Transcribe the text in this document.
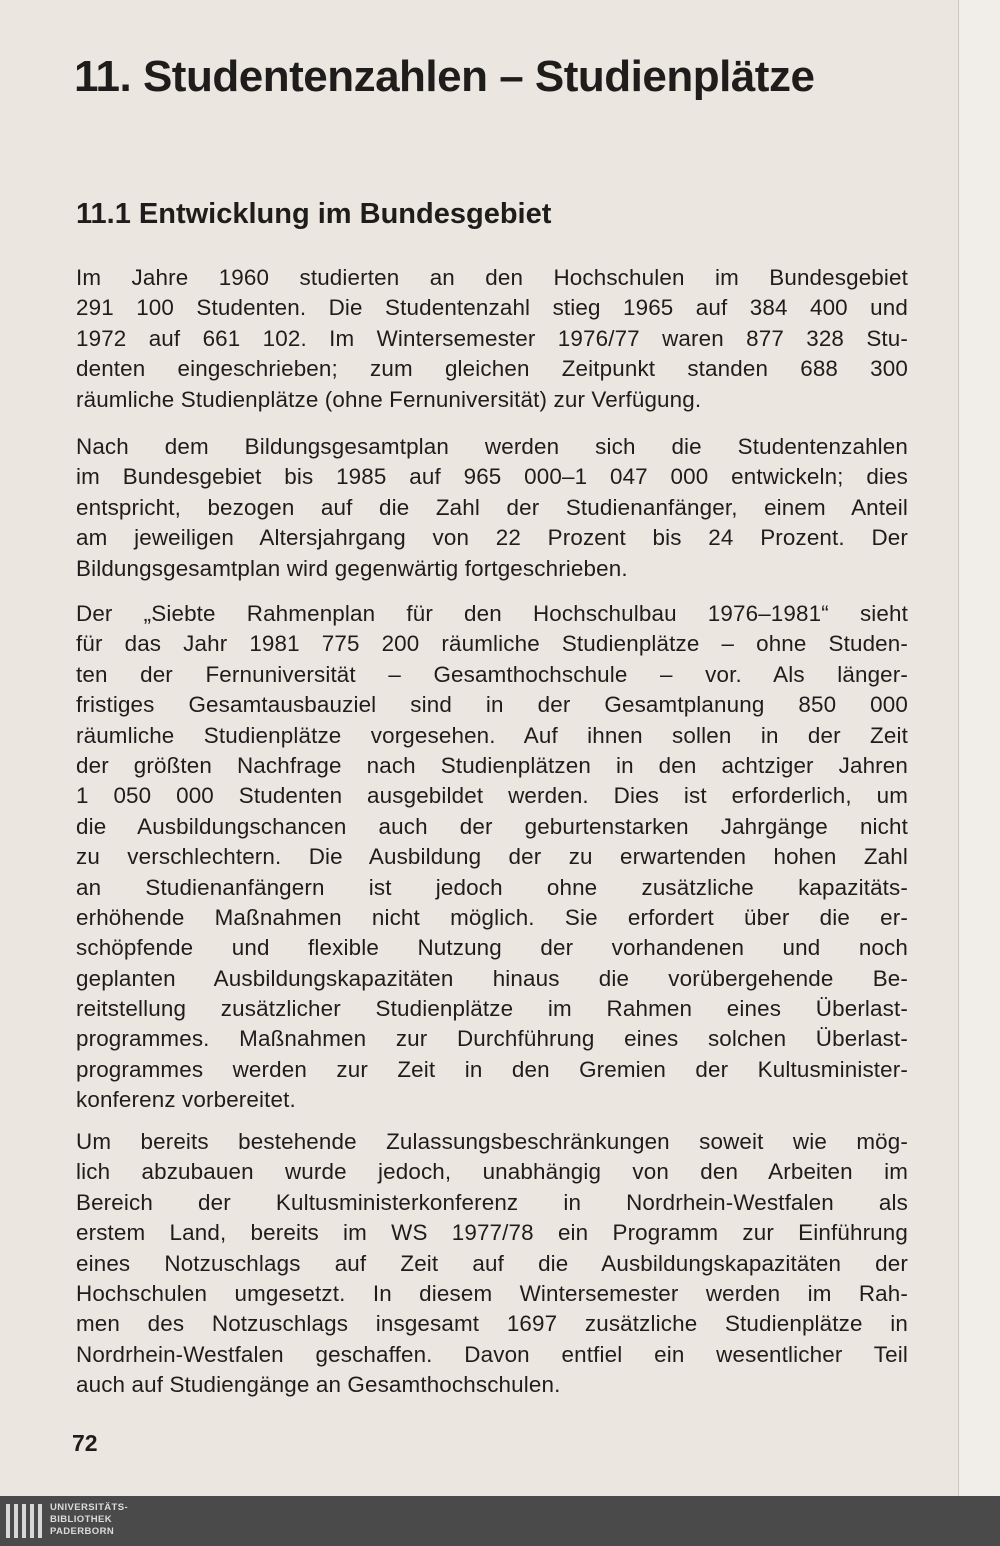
11. Studentenzahlen – Studienplätze
11.1 Entwicklung im Bundesgebiet
Im Jahre 1960 studierten an den Hochschulen im Bundesgebiet
291 100 Studenten. Die Studentenzahl stieg 1965 auf 384 400 und
1972 auf 661 102. Im Wintersemester 1976/77 waren 877 328 Stu-
denten eingeschrieben; zum gleichen Zeitpunkt standen 688 300
räumliche Studienplätze (ohne Fernuniversität) zur Verfügung.
Nach dem Bildungsgesamtplan werden sich die Studentenzahlen
im Bundesgebiet bis 1985 auf 965 000–1 047 000 entwickeln; dies
entspricht, bezogen auf die Zahl der Studienanfänger, einem Anteil
am jeweiligen Altersjahrgang von 22 Prozent bis 24 Prozent. Der
Bildungsgesamtplan wird gegenwärtig fortgeschrieben.
Der „Siebte Rahmenplan für den Hochschulbau 1976–1981“ sieht
für das Jahr 1981 775 200 räumliche Studienplätze – ohne Studen-
ten der Fernuniversität – Gesamthochschule – vor. Als länger-
fristiges Gesamtausbauziel sind in der Gesamtplanung 850 000
räumliche Studienplätze vorgesehen. Auf ihnen sollen in der Zeit
der größten Nachfrage nach Studienplätzen in den achtziger Jahren
1 050 000 Studenten ausgebildet werden. Dies ist erforderlich, um
die Ausbildungschancen auch der geburtenstarken Jahrgänge nicht
zu verschlechtern. Die Ausbildung der zu erwartenden hohen Zahl
an Studienanfängern ist jedoch ohne zusätzliche kapazitäts-
erhöhende Maßnahmen nicht möglich. Sie erfordert über die er-
schöpfende und flexible Nutzung der vorhandenen und noch
geplanten Ausbildungskapazitäten hinaus die vorübergehende Be-
reitstellung zusätzlicher Studienplätze im Rahmen eines Überlast-
programmes. Maßnahmen zur Durchführung eines solchen Überlast-
programmes werden zur Zeit in den Gremien der Kultusminister-
konferenz vorbereitet.
Um bereits bestehende Zulassungsbeschränkungen soweit wie mög-
lich abzubauen wurde jedoch, unabhängig von den Arbeiten im
Bereich der Kultusministerkonferenz in Nordrhein-Westfalen als
erstem Land, bereits im WS 1977/78 ein Programm zur Einführung
eines Notzuschlags auf Zeit auf die Ausbildungskapazitäten der
Hochschulen umgesetzt. In diesem Wintersemester werden im Rah-
men des Notzuschlags insgesamt 1697 zusätzliche Studienplätze in
Nordrhein-Westfalen geschaffen. Davon entfiel ein wesentlicher Teil
auch auf Studiengänge an Gesamthochschulen.
72
UNIVERSITÄTS-
BIBLIOTHEK
PADERBORN
